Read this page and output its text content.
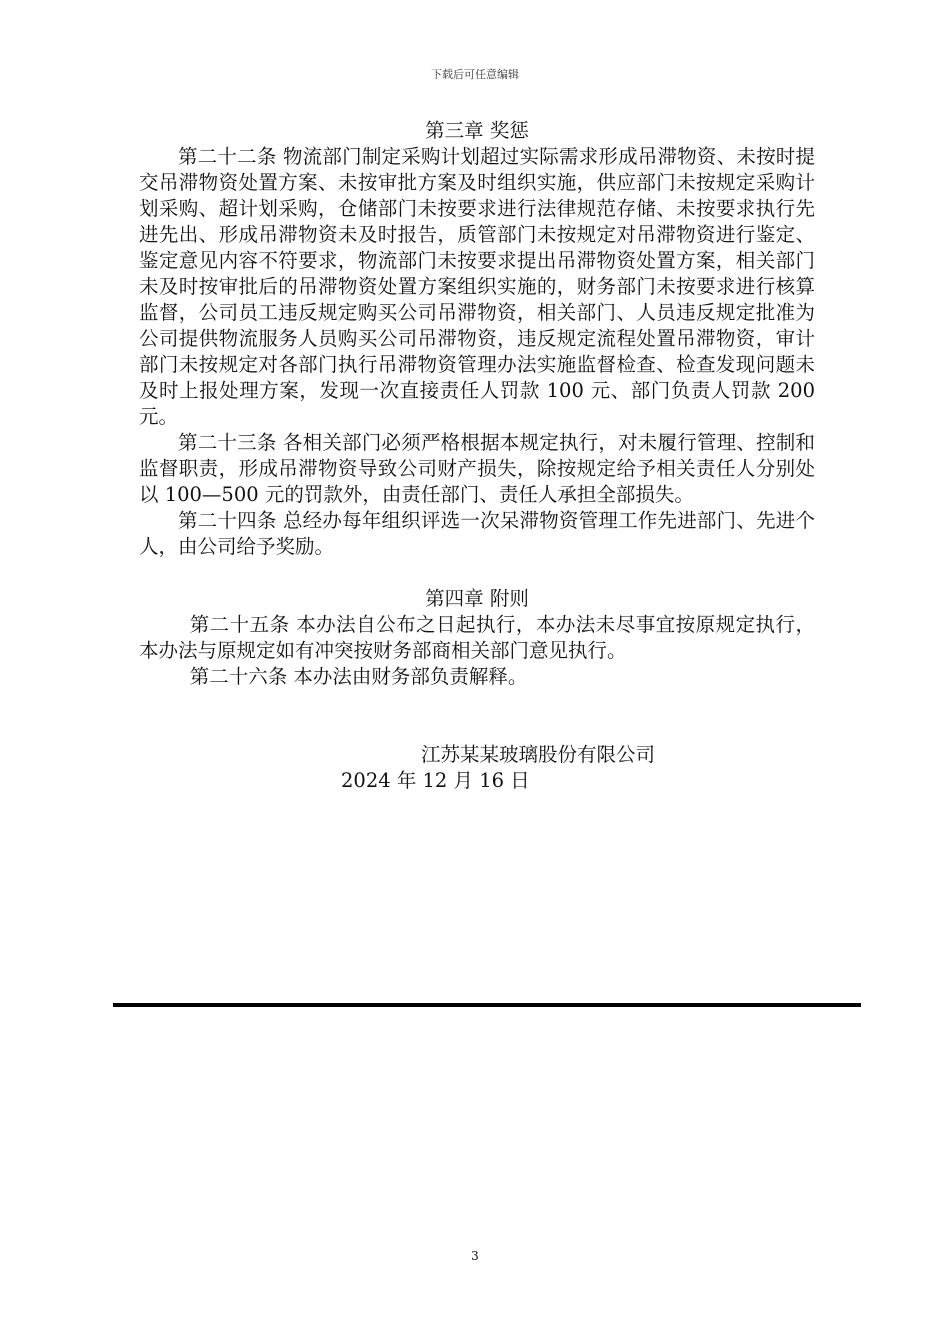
下载后可任意编辑
第三章 奖惩
第二十二条 物流部门制定采购计划超过实际需求形成吊滞物资、未按时提交吊滞物资处置方案、未按审批方案及时组织实施，供应部门未按规定采购计划采购、超计划采购，仓储部门未按要求进行法律规范存储、未按要求执行先进先出、形成吊滞物资未及时报告，质管部门未按规定对吊滞物资进行鉴定、鉴定意见内容不符要求，物流部门未按要求提出吊滞物资处置方案，相关部门未及时按审批后的吊滞物资处置方案组织实施的，财务部门未按要求进行核算监督，公司员工违反规定购买公司吊滞物资，相关部门、人员违反规定批准为公司提供物流服务人员购买公司吊滞物资，违反规定流程处置吊滞物资，审计部门未按规定对各部门执行吊滞物资管理办法实施监督检查、检查发现问题未及时上报处理方案，发现一次直接责任人罚款 100 元、部门负责人罚款 200 元。
第二十三条 各相关部门必须严格根据本规定执行，对未履行管理、控制和监督职责，形成吊滞物资导致公司财产损失，除按规定给予相关责任人分别处以 100—500 元的罚款外，由责任部门、责任人承担全部损失。
第二十四条 总经办每年组织评选一次呆滞物资管理工作先进部门、先进个人，由公司给予奖励。
第四章 附则
第二十五条 本办法自公布之日起执行，本办法未尽事宜按原规定执行，本办法与原规定如有冲突按财务部商相关部门意见执行。
第二十六条 本办法由财务部负责解释。
江苏某某玻璃股份有限公司
2024 年 12 月 16 日
3
